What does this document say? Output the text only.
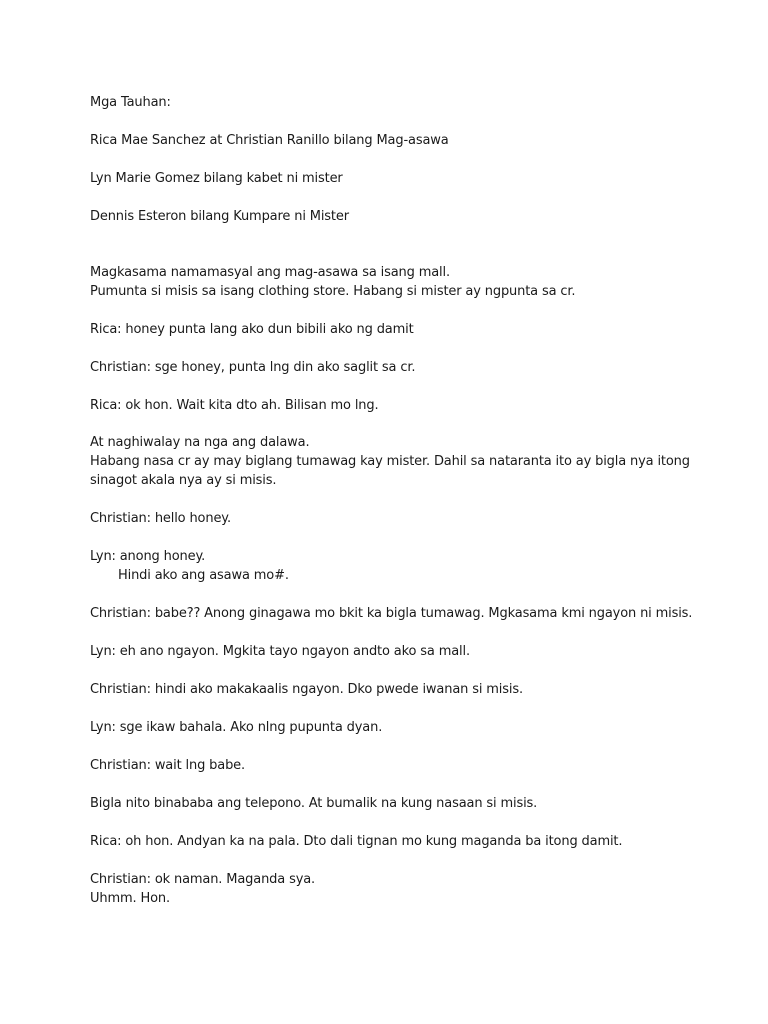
Mga Tauhan:
Rica Mae Sanchez at Christian Ranillo bilang Mag-asawa
Lyn Marie Gomez bilang kabet ni mister
Dennis Esteron bilang Kumpare ni Mister
Magkasama namamasyal ang mag-asawa sa isang mall.
Pumunta si misis sa isang clothing store. Habang si mister ay ngpunta sa cr.
Rica: honey punta lang ako dun bibili ako ng damit
Christian: sge honey, punta lng din ako saglit sa cr.
Rica: ok hon. Wait kita dto ah. Bilisan mo lng.
At naghiwalay na nga ang dalawa.
Habang nasa cr ay may biglang tumawag kay mister. Dahil sa nataranta ito ay bigla nya itong
sinagot akala nya ay si misis.
Christian: hello honey.
Lyn: anong honey.
Hindi ako ang asawa mo#.
Christian: babe?? Anong ginagawa mo bkit ka bigla tumawag. Mgkasama kmi ngayon ni misis.
Lyn: eh ano ngayon. Mgkita tayo ngayon andto ako sa mall.
Christian: hindi ako makakaalis ngayon. Dko pwede iwanan si misis.
Lyn: sge ikaw bahala. Ako nlng pupunta dyan.
Christian: wait lng babe.
Bigla nito binababa ang telepono. At bumalik na kung nasaan si misis.
Rica: oh hon. Andyan ka na pala. Dto dali tignan mo kung maganda ba itong damit.
Christian: ok naman. Maganda sya.
Uhmm. Hon.
